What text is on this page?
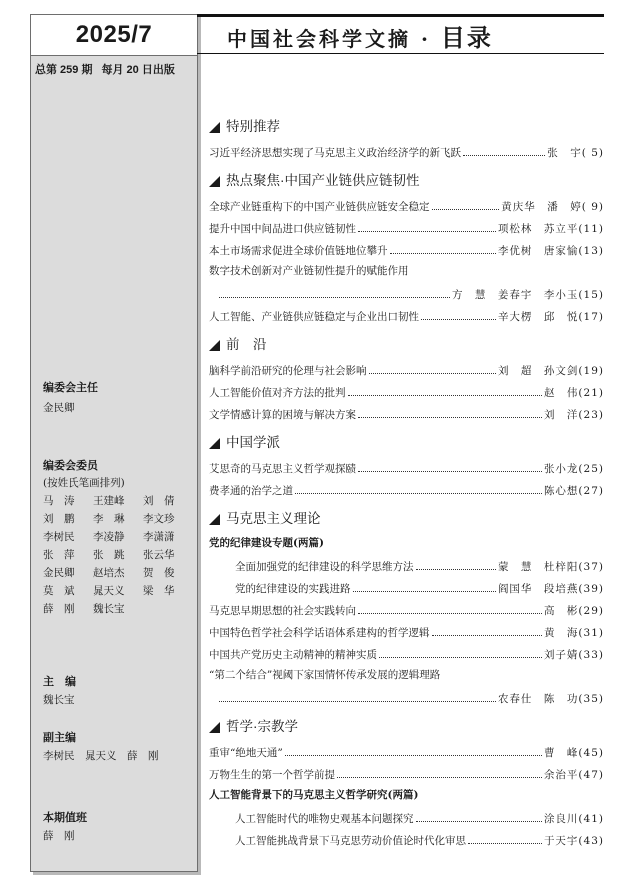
2025/7
总第 259 期 每月 20 日出版
编委会主任
金民卿
编委会委员
(按姓氏笔画排列)
马　涛	王建峰	刘　倩
刘　鹏	李　琳	李文珍
李树民	李凌静	李潇潇
张　萍	张　跳	张云华
金民卿	赵培杰	贺　俊
莫　斌	晁天义	梁　华
薛　刚	魏长宝
主　编
魏长宝
副主编
李树民　晁天义　薛　刚
本期值班
薛　刚
中国社会科学文摘 · 目录
特别推荐
习近平经济思想实现了马克思主义政治经济学的新飞跃	张　宇( 5)
热点聚焦·中国产业链供应链韧性
全球产业链重构下的中国产业链供应链安全稳定	黄庆华　潘　婷( 9)
提升中国中间品进口供应链韧性	项松林　苏立平(11)
本土市场需求促进全球价值链地位攀升	李优树　唐家愉(13)
数字技术创新对产业链韧性提升的赋能作用
方　慧　姜春宇　李小玉(15)
人工智能、产业链供应链稳定与企业出口韧性	辛大楞　邱　悦(17)
前　沿
脑科学前沿研究的伦理与社会影响	刘　超　孙文剑(19)
人工智能价值对齐方法的批判	赵　伟(21)
文学情感计算的困境与解决方案	刘　洋(23)
中国学派
艾思奇的马克思主义哲学观探赜	张小龙(25)
费孝通的治学之道	陈心想(27)
马克思主义理论
党的纪律建设专题(两篇)
全面加强党的纪律建设的科学思维方法	蒙　慧　杜梓阳(37)
党的纪律建设的实践进路	阎国华　段培燕(39)
马克思早期思想的社会实践转向	高　彬(29)
中国特色哲学社会科学话语体系建构的哲学逻辑	黄　海(31)
中国共产党历史主动精神的精神实质	刘子婧(33)
“第二个结合”视阈下家国情怀传承发展的逻辑理路
农春仕　陈　功(35)
哲学·宗教学
重审“绝地天通”	曹　峰(45)
万物生生的第一个哲学前提	余治平(47)
人工智能背景下的马克思主义哲学研究(两篇)
人工智能时代的唯物史观基本问题探究	涂良川(41)
人工智能挑战背景下马克思劳动价值论时代化审思	于天宇(43)
